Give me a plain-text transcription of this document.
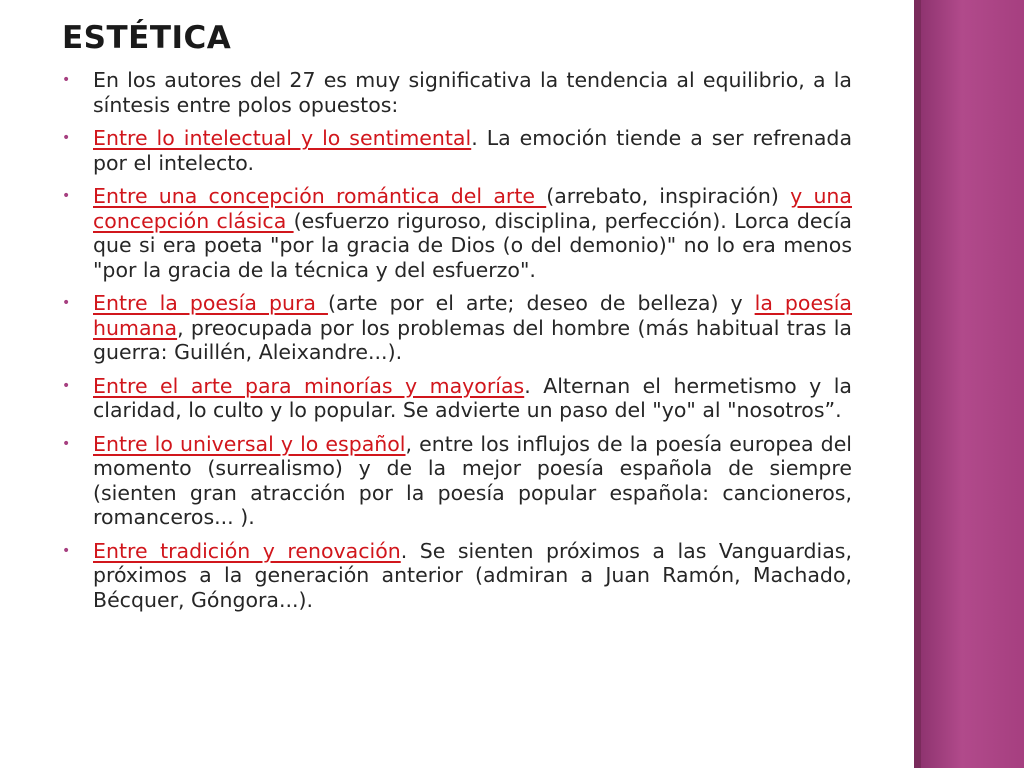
ESTÉTICA
• En los autores del 27 es muy significativa la tendencia al equilibrio, a la síntesis entre polos opuestos:
• Entre lo intelectual y lo sentimental. La emoción tiende a ser refrenada por el intelecto.
• Entre una concepción romántica del arte (arrebato, inspiración) y una concepción clásica (esfuerzo riguroso, disciplina, perfección). Lorca decía que si era poeta "por la gracia de Dios (o del demonio)" no lo era menos "por la gracia de la técnica y del esfuerzo".
• Entre la poesía pura (arte por el arte; deseo de belleza) y la poesía humana, preocupada por los problemas del hombre (más habitual tras la guerra: Guillén, Aleixandre...).
• Entre el arte para minorías y mayorías. Alternan el hermetismo y la claridad, lo culto y lo popular. Se advierte un paso del "yo" al "nosotros”.
• Entre lo universal y lo español, entre los influjos de la poesía europea del momento (surrealismo) y de la mejor poesía española de siempre (sienten gran atracción por la poesía popular española: cancioneros, romanceros... ).
• Entre tradición y renovación. Se sienten próximos a las Vanguardias, próximos a la generación anterior (admiran a Juan Ramón, Machado, Bécquer, Góngora...).
